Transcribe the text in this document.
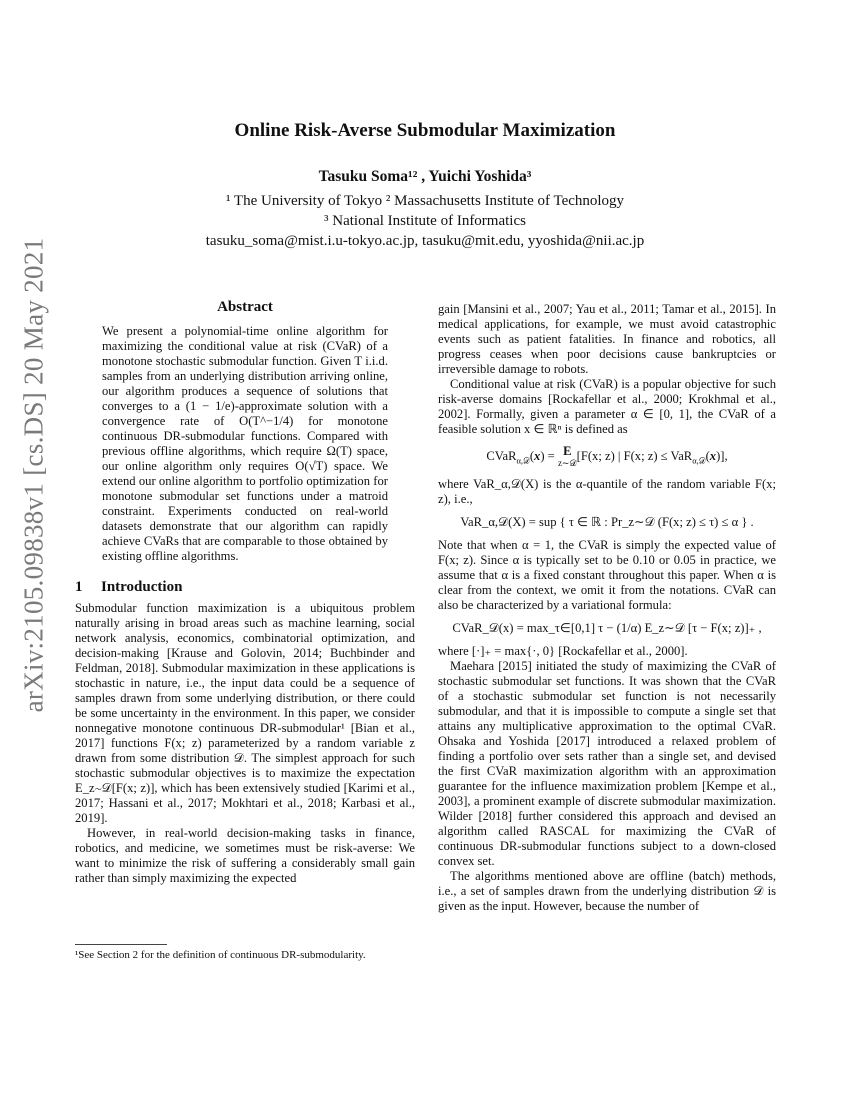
arXiv:2105.09838v1 [cs.DS] 20 May 2021
Online Risk-Averse Submodular Maximization
Tasuku Soma¹² , Yuichi Yoshida³
¹ The University of Tokyo ² Massachusetts Institute of Technology
³ National Institute of Informatics
tasuku_soma@mist.i.u-tokyo.ac.jp, tasuku@mit.edu, yyoshida@nii.ac.jp
Abstract

We present a polynomial-time online algorithm for maximizing the conditional value at risk (CVaR) of a monotone stochastic submodular function. Given T i.i.d. samples from an underlying distribution arriving online, our algorithm produces a sequence of solutions that converges to a (1 − 1/e)-approximate solution with a convergence rate of O(T^−1/4) for monotone continuous DR-submodular functions. Compared with previous offline algorithms, which require Ω(T) space, our online algorithm only requires O(√T) space. We extend our online algorithm to portfolio optimization for monotone submodular set functions under a matroid constraint. Experiments conducted on real-world datasets demonstrate that our algorithm can rapidly achieve CVaRs that are comparable to those obtained by existing offline algorithms.

1 Introduction

Submodular function maximization is a ubiquitous problem naturally arising in broad areas such as machine learning, social network analysis, economics, combinatorial optimization, and decision-making [Krause and Golovin, 2014; Buchbinder and Feldman, 2018]. Submodular maximization in these applications is stochastic in nature, i.e., the input data could be a sequence of samples drawn from some underlying distribution, or there could be some uncertainty in the environment. In this paper, we consider nonnegative monotone continuous DR-submodular¹ [Bian et al., 2017] functions F(x; z) parameterized by a random variable z drawn from some distribution 𝒟. The simplest approach for such stochastic submodular objectives is to maximize the expectation E_z∼𝒟[F(x; z)], which has been extensively studied [Karimi et al., 2017; Hassani et al., 2017; Mokhtari et al., 2018; Karbasi et al., 2019].

However, in real-world decision-making tasks in finance, robotics, and medicine, we sometimes must be risk-averse: We want to minimize the risk of suffering a considerably small gain rather than simply maximizing the expected

¹See Section 2 for the definition of continuous DR-submodularity.

gain [Mansini et al., 2007; Yau et al., 2011; Tamar et al., 2015]. In medical applications, for example, we must avoid catastrophic events such as patient fatalities. In finance and robotics, all progress ceases when poor decisions cause bankruptcies or irreversible damage to robots.

Conditional value at risk (CVaR) is a popular objective for such risk-averse domains [Rockafellar et al., 2000; Krokhmal et al., 2002]. Formally, given a parameter α ∈ [0, 1], the CVaR of a feasible solution x ∈ ℝⁿ is defined as

CVaR$_{\alpha,𝒟}$(x) = E
z∼𝒟
[F(x; z) | F(x; z) ≤ VaR$_{\alpha,𝒟}$(x)],

where VaR_α,𝒟(X) is the α-quantile of the random variable F(x; z), i.e.,

VaR_α,𝒟(X) = sup { τ ∈ ℝ : Pr_z∼𝒟 (F(x; z) ≤ τ) ≤ α } .

Note that when α = 1, the CVaR is simply the expected value of F(x; z). Since α is typically set to be 0.10 or 0.05 in practice, we assume that α is a fixed constant throughout this paper. When α is clear from the context, we omit it from the notations. CVaR can also be characterized by a variational formula:

CVaR_𝒟(x) = max_τ∈[0,1] τ − (1/α) E_z∼𝒟 [τ − F(x; z)]₊ ,

where [·]₊ = max{·, 0} [Rockafellar et al., 2000].

Maehara [2015] initiated the study of maximizing the CVaR of stochastic submodular set functions. It was shown that the CVaR of a stochastic submodular set function is not necessarily submodular, and that it is impossible to compute a single set that attains any multiplicative approximation to the optimal CVaR. Ohsaka and Yoshida [2017] introduced a relaxed problem of finding a portfolio over sets rather than a single set, and devised the first CVaR maximization algorithm with an approximation guarantee for the influence maximization problem [Kempe et al., 2003], a prominent example of discrete submodular maximization. Wilder [2018] further considered this approach and devised an algorithm called RASCAL for maximizing the CVaR of continuous DR-submodular functions subject to a down-closed convex set.

The algorithms mentioned above are offline (batch) methods, i.e., a set of samples drawn from the underlying distribution 𝒟 is given as the input. However, because the number of
